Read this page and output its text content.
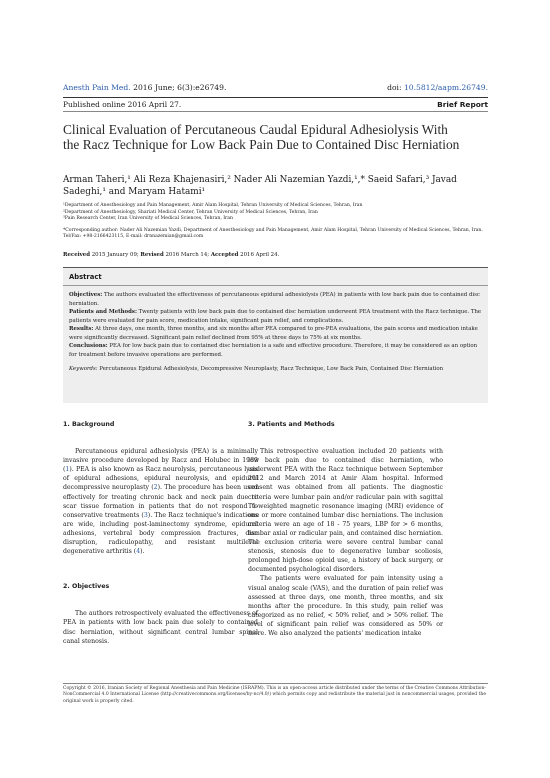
Anesth Pain Med. 2016 June; 6(3):e26749.	doi: 10.5812/aapm.26749.
Published online 2016 April 27.	Brief Report
Clinical Evaluation of Percutaneous Caudal Epidural Adhesiolysis With the Racz Technique for Low Back Pain Due to Contained Disc Herniation
Arman Taheri,¹ Ali Reza Khajenasiri,² Nader Ali Nazemian Yazdi,¹,* Saeid Safari,³ Javad Sadeghi,¹ and Maryam Hatami¹
¹Department of Anesthesiology and Pain Management, Amir Alam Hospital, Tehran University of Medical Sciences, Tehran, Iran
²Department of Anesthesiology, Shariati Medical Center, Tehran University of Medical Sciences, Tehran, Iran
³Pain Research Center, Iran University of Medical Sciences, Tehran, Iran
*Corresponding author: Nader Ali Nazemian Yazdi, Department of Anesthesiology and Pain Management, Amir Alam Hospital, Tehran University of Medical Sciences, Tehran, Iran. Tel/Fax: +98-2166423115, E-mail: drnnazemian@gmail.com
Received 2015 January 09; Revised 2016 March 14; Accepted 2016 April 24.
Abstract

Objectives: The authors evaluated the effectiveness of percutaneous epidural adhesiolysis (PEA) in patients with low back pain due to contained disc herniation.

Patients and Methods: Twenty patients with low back pain due to contained disc herniation underwent PEA treatment with the Racz technique. The patients were evaluated for pain score, medication intake, significant pain relief, and complications.

Results: At three days, one month, three months, and six months after PEA compared to pre-PEA evaluations, the pain scores and medication intake were significantly decreased. Significant pain relief declined from 95% at three days to 75% at six months.

Conclusions: PEA for low back pain due to contained disc herniation is a safe and effective procedure. Therefore, it may be considered as an option for treatment before invasive operations are performed.

Keywords: Percutaneous Epidural Adhesiolysis, Decompressive Neuroplasty, Racz Technique, Low Back Pain, Contained Disc Herniation

1. Background

Percutaneous epidural adhesiolysis (PEA) is a minimally invasive procedure developed by Racz and Holubec in 1989 (1). PEA is also known as Racz neurolysis, percutaneous lysis of epidural adhesions, epidural neurolysis, and epidural decompressive neuroplasty (2). The procedure has been used effectively for treating chronic back and neck pain due to scar tissue formation in patients that do not respond to conservative treatments (3). The Racz technique's indications are wide, including post-laminectomy syndrome, epidural adhesions, vertebral body compression fractures, disc disruption, radiculopathy, and resistant multilevel degenerative arthritis (4).

2. Objectives

The authors retrospectively evaluated the effectiveness of PEA in patients with low back pain due solely to contained disc herniation, without significant central lumbar spinal canal stenosis.

3. Patients and Methods

This retrospective evaluation included 20 patients with low back pain due to contained disc herniation, who underwent PEA with the Racz technique between September 2012 and March 2014 at Amir Alam hospital. Informed consent was obtained from all patients. The diagnostic criteria were lumbar pain and/or radicular pain with sagittal T1-weighted magnetic resonance imaging (MRI) evidence of one or more contained lumbar disc herniations. The inclusion criteria were an age of 18 - 75 years, LBP for > 6 months, lumbar axial or radicular pain, and contained disc herniation. The exclusion criteria were severe central lumbar canal stenosis, stenosis due to degenerative lumbar scoliosis, prolonged high-dose opioid use, a history of back surgery, or documented psychological disorders.

The patients were evaluated for pain intensity using a visual analog scale (VAS), and the duration of pain relief was assessed at three days, one month, three months, and six months after the procedure. In this study, pain relief was categorized as no relief, < 50% relief, and > 50% relief. The level of significant pain relief was considered as 50% or more. We also analyzed the patients' medication intake

Copyright © 2016, Iranian Society of Regional Anesthesia and Pain Medicine (ISRAPM). This is an open-access article distributed under the terms of the Creative Commons Attribution-NonCommercial 4.0 International License (http://creativecommons.org/licenses/by-nc/4.0/) which permits copy and redistribute the material just in noncommercial usages, provided the original work is properly cited.
